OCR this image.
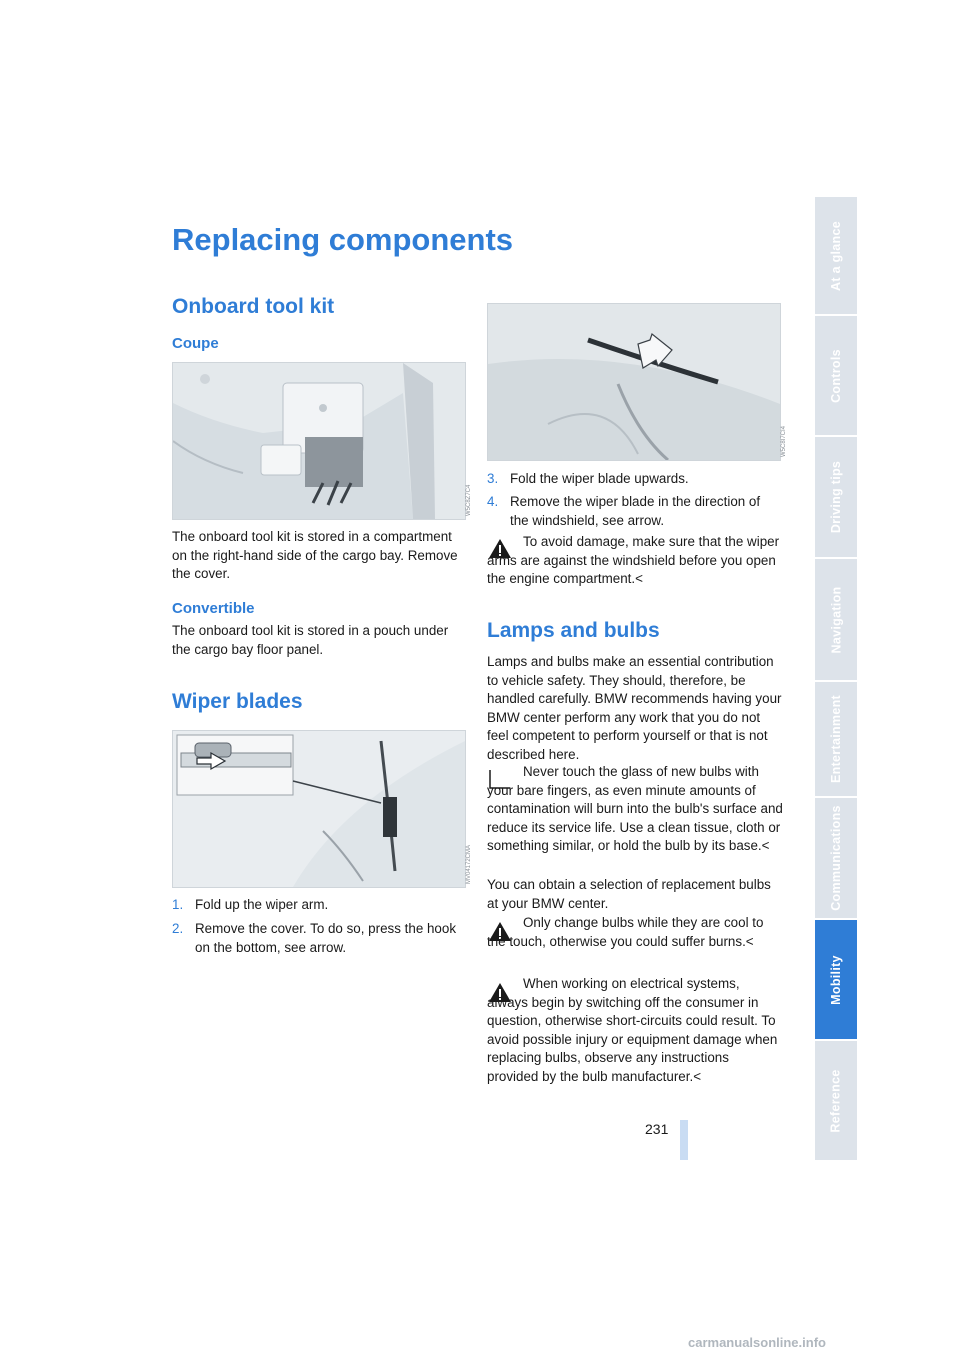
Replacing components
Onboard tool kit
Coupe
W5C8Z7C4

The onboard tool kit is stored in a compartment on the right-hand side of the cargo bay. Remove the cover.

Convertible

The onboard tool kit is stored in a pouch under the cargo bay floor panel.

Wiper blades
MV04172CMA
1. Fold up the wiper arm.
2. Remove the cover. To do so, press the hook on the bottom, see arrow.
W5C8I7CI4
3. Fold the wiper blade upwards.
4. Remove the wiper blade in the direction of the windshield, see arrow.

To avoid damage, make sure that the wiper arms are against the windshield before you open the engine compartment.<

Lamps and bulbs

Lamps and bulbs make an essential contribution to vehicle safety. They should, therefore, be handled carefully. BMW recommends having your BMW center perform any work that you do not feel competent to perform yourself or that is not described here.

Never touch the glass of new bulbs with your bare fingers, as even minute amounts of contamination will burn into the bulb's surface and reduce its service life. Use a clean tissue, cloth or something similar, or hold the bulb by its base.<

You can obtain a selection of replacement bulbs at your BMW center.

Only change bulbs while they are cool to the touch, otherwise you could suffer burns.<

When working on electrical systems, always begin by switching off the consumer in question, otherwise short-circuits could result. To avoid possible injury or equipment damage when replacing bulbs, observe any instructions provided by the bulb manufacturer.<

At a glance
Controls
Driving tips
Navigation
Entertainment
Communications
Mobility
Reference
231
carmanualsonline.info
